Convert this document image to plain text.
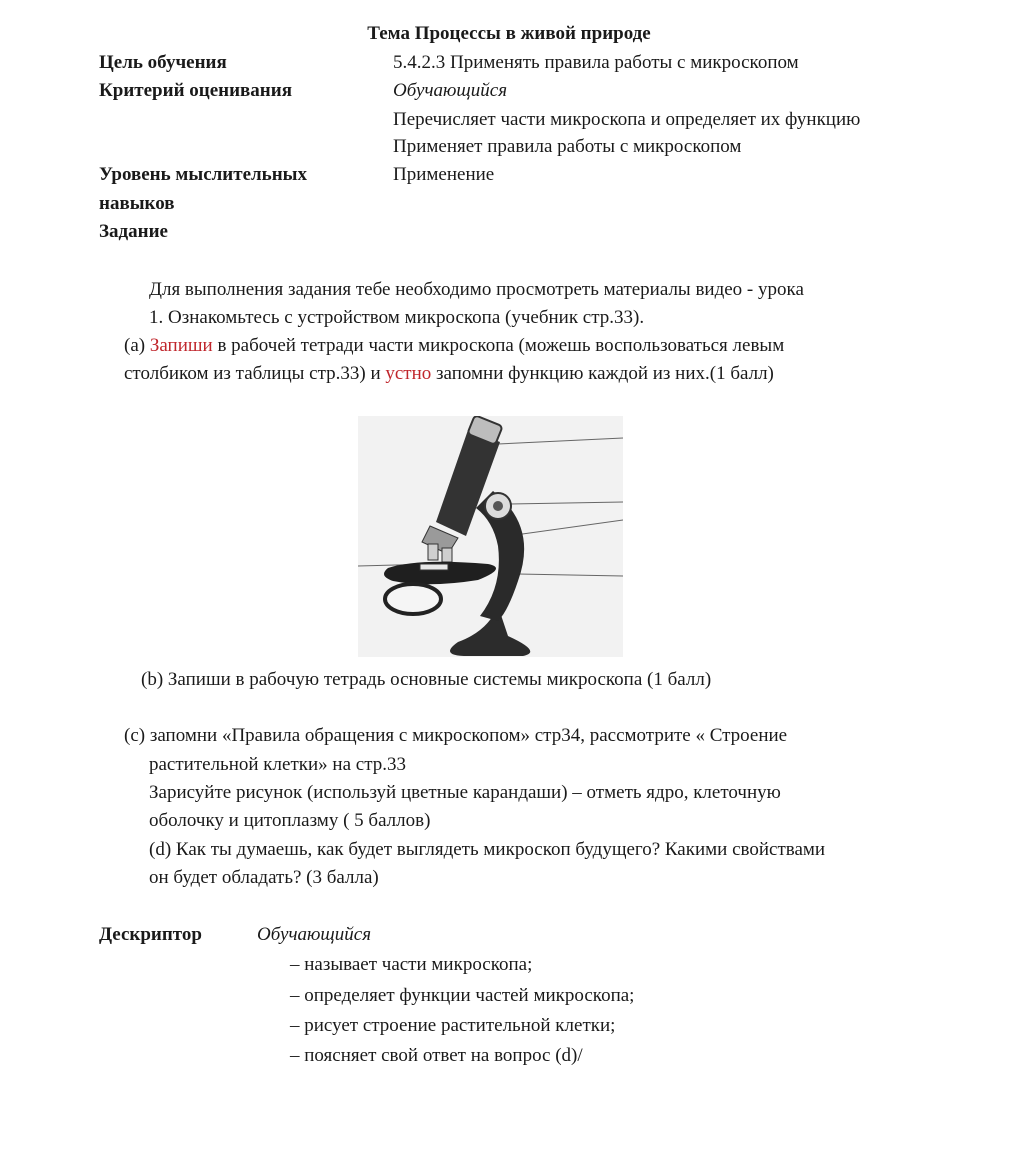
Тема Процессы в живой природе
Цель обучения	5.4.2.3 Применять правила работы с микроскопом
Критерий оценивания	Обучающийся
Перечисляет части микроскопа и определяет их функцию
Применяет правила работы с микроскопом
Уровень мыслительных	Применение
навыков
Задание
Для выполнения задания тебе необходимо просмотреть материалы видео - урока
1. Ознакомьтесь с устройством микроскопа (учебник стр.33).
(a) Запиши в рабочей тетради части микроскопа (можешь воспользоваться левым
столбиком из таблицы стр.33) и устно запомни функцию каждой из них.(1 балл)
(b) Запиши в рабочую тетрадь основные системы микроскопа (1 балл)
(c) запомни «Правила обращения с микроскопом» стр34, рассмотрите « Строение
растительной клетки» на стр.33
Зарисуйте рисунок (используй цветные карандаши) – отметь ядро, клеточную
оболочку и цитоплазму ( 5 баллов)
(d) Как ты думаешь, как будет выглядеть микроскоп будущего? Какими свойствами
он будет обладать? (3 балла)
Дескриптор	Обучающийся
– называет части микроскопа;
– определяет функции частей микроскопа;
– рисует строение растительной клетки;
– поясняет свой ответ на вопрос (d)/
